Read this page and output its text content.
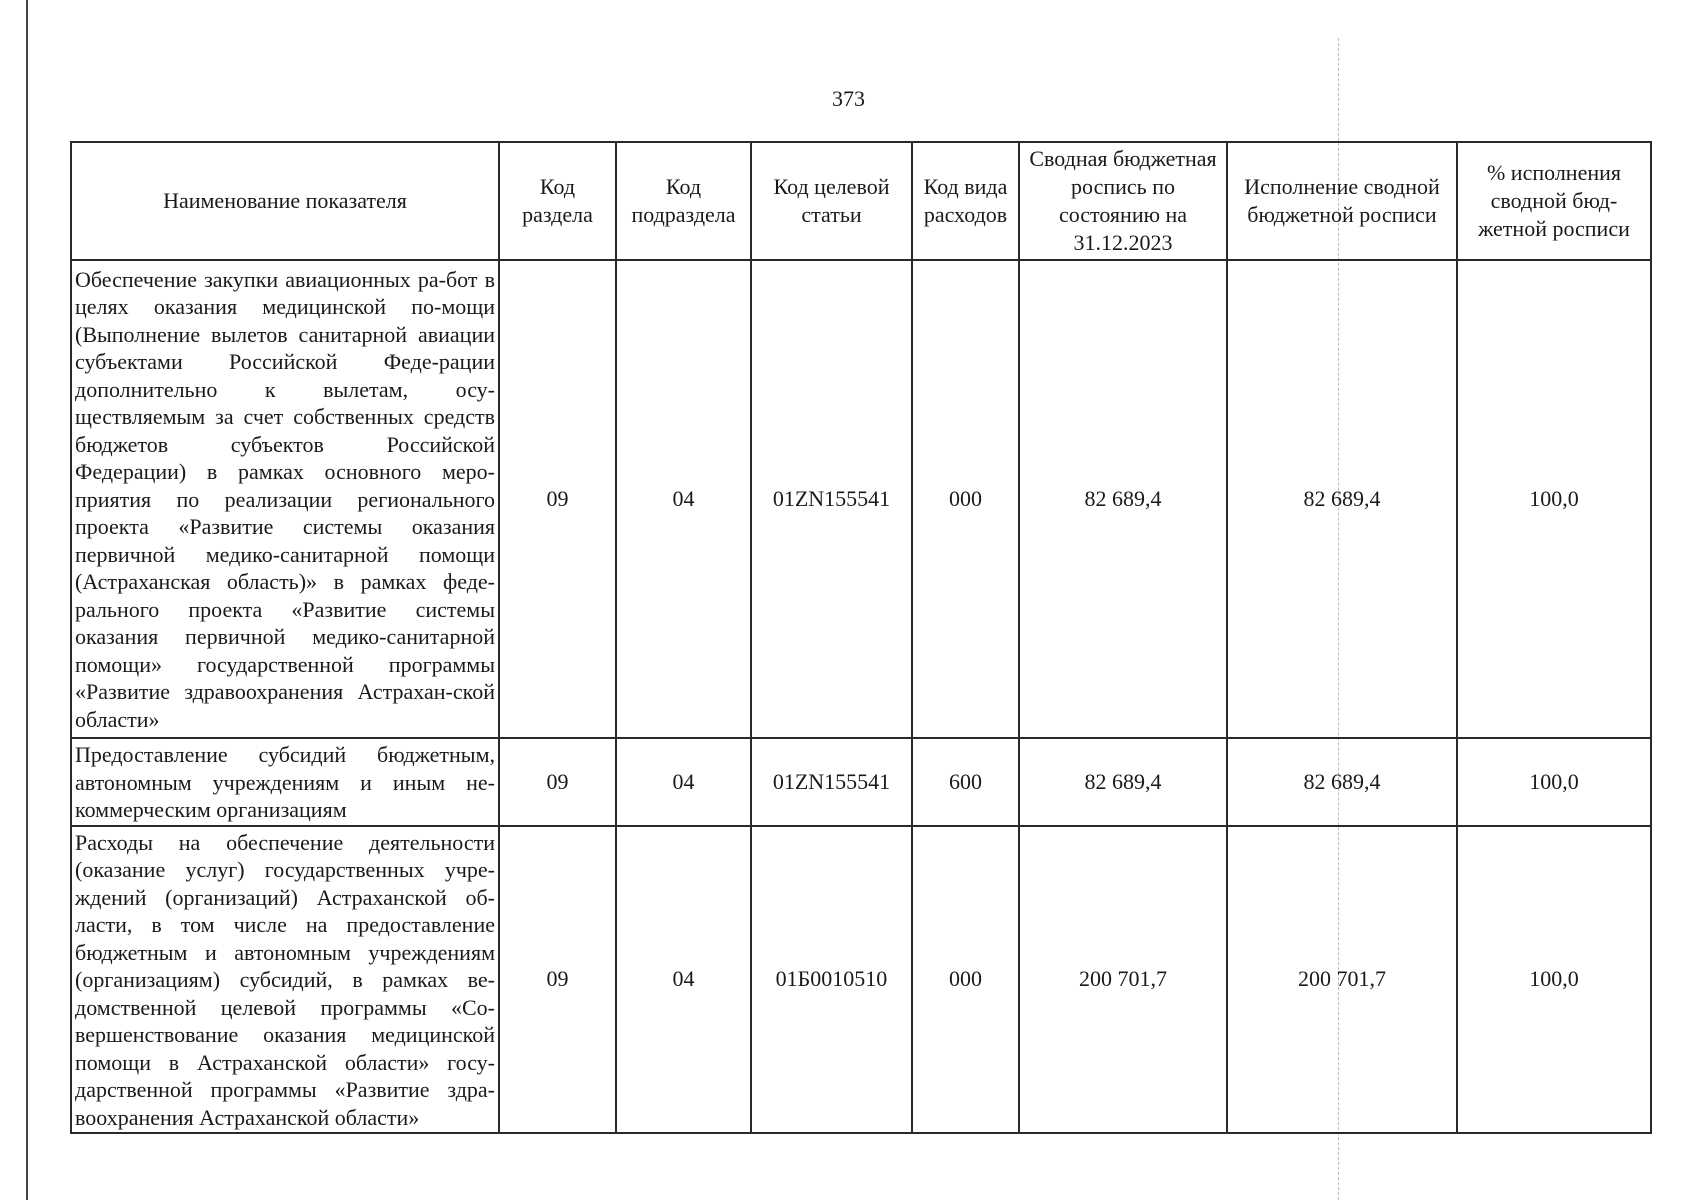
373
Наименование показателя	Код раздела	Код подраздела	Код целевой статьи	Код вида расходов	Сводная бюджетная роспись по состоянию на 31.12.2023	Исполнение сводной бюджетной росписи	% исполнения сводной бюд-жетной росписи
Обеспечение закупки авиационных ра-бот в целях оказания медицинской по-мощи (Выполнение вылетов санитарной авиации субъектами Российской Феде-рации дополнительно к вылетам, осу-ществляемым за счет собственных средств бюджетов субъектов Российской Федерации) в рамках основного меро-приятия по реализации регионального проекта «Развитие системы оказания первичной медико-санитарной помощи (Астраханская область)» в рамках феде-рального проекта «Развитие системы оказания первичной медико-санитарной помощи» государственной программы «Развитие здравоохранения Астрахан-ской области»	09	04	01ZN155541	000	82 689,4	82 689,4	100,0
Предоставление субсидий бюджетным, автономным учреждениям и иным не-коммерческим организациям	09	04	01ZN155541	600	82 689,4	82 689,4	100,0
Расходы на обеспечение деятельности (оказание услуг) государственных учре-ждений (организаций) Астраханской об-ласти, в том числе на предоставление бюджетным и автономным учреждениям (организациям) субсидий, в рамках ве-домственной целевой программы «Со-вершенствование оказания медицинской помощи в Астраханской области» госу-дарственной программы «Развитие здра-воохранения Астраханской области»	09	04	01Б0010510	000	200 701,7	200 701,7	100,0
